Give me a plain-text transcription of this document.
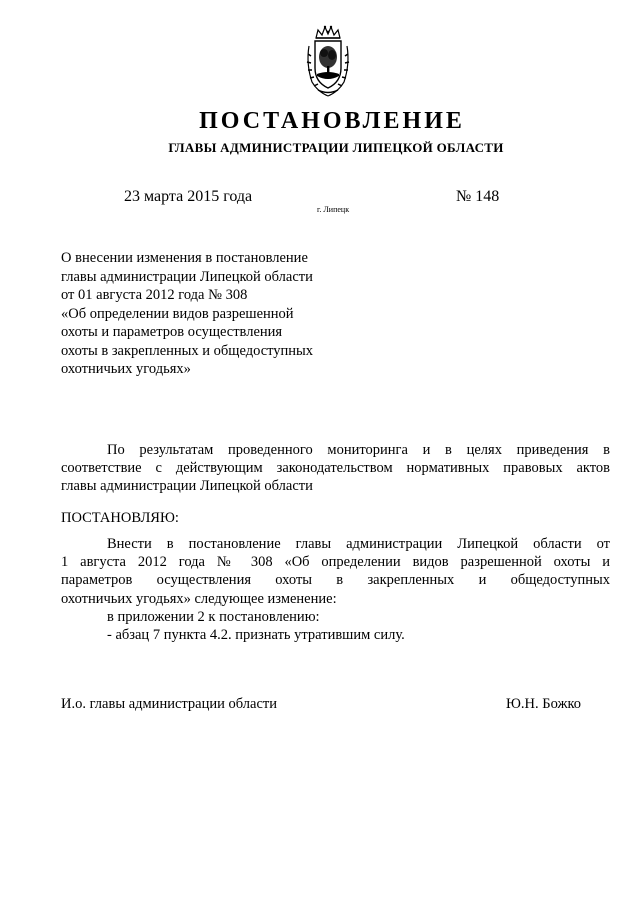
ПОСТАНОВЛЕНИЕ
ГЛАВЫ АДМИНИСТРАЦИИ ЛИПЕЦКОЙ ОБЛАСТИ
23 марта 2015 года
г. Липецк
№ 148
О внесении изменения в постановление
главы администрации Липецкой области
от 01 августа 2012 года № 308
«Об определении видов разрешенной
охоты и параметров осуществления
охоты в закрепленных и общедоступных
охотничьих угодьях»
По результатам проведенного мониторинга и в целях приведения в
соответствие с действующим законодательством нормативных правовых актов
главы администрации Липецкой области
ПОСТАНОВЛЯЮ:
Внести в постановление главы администрации Липецкой области от
1 августа 2012 года № 308 «Об определении видов разрешенной охоты и
параметров осуществления охоты в закрепленных и общедоступных
охотничьих угодьях» следующее изменение:
в приложении 2 к постановлению:
- абзац 7 пункта 4.2. признать утратившим силу.
И.о. главы администрации области	Ю.Н. Божко
